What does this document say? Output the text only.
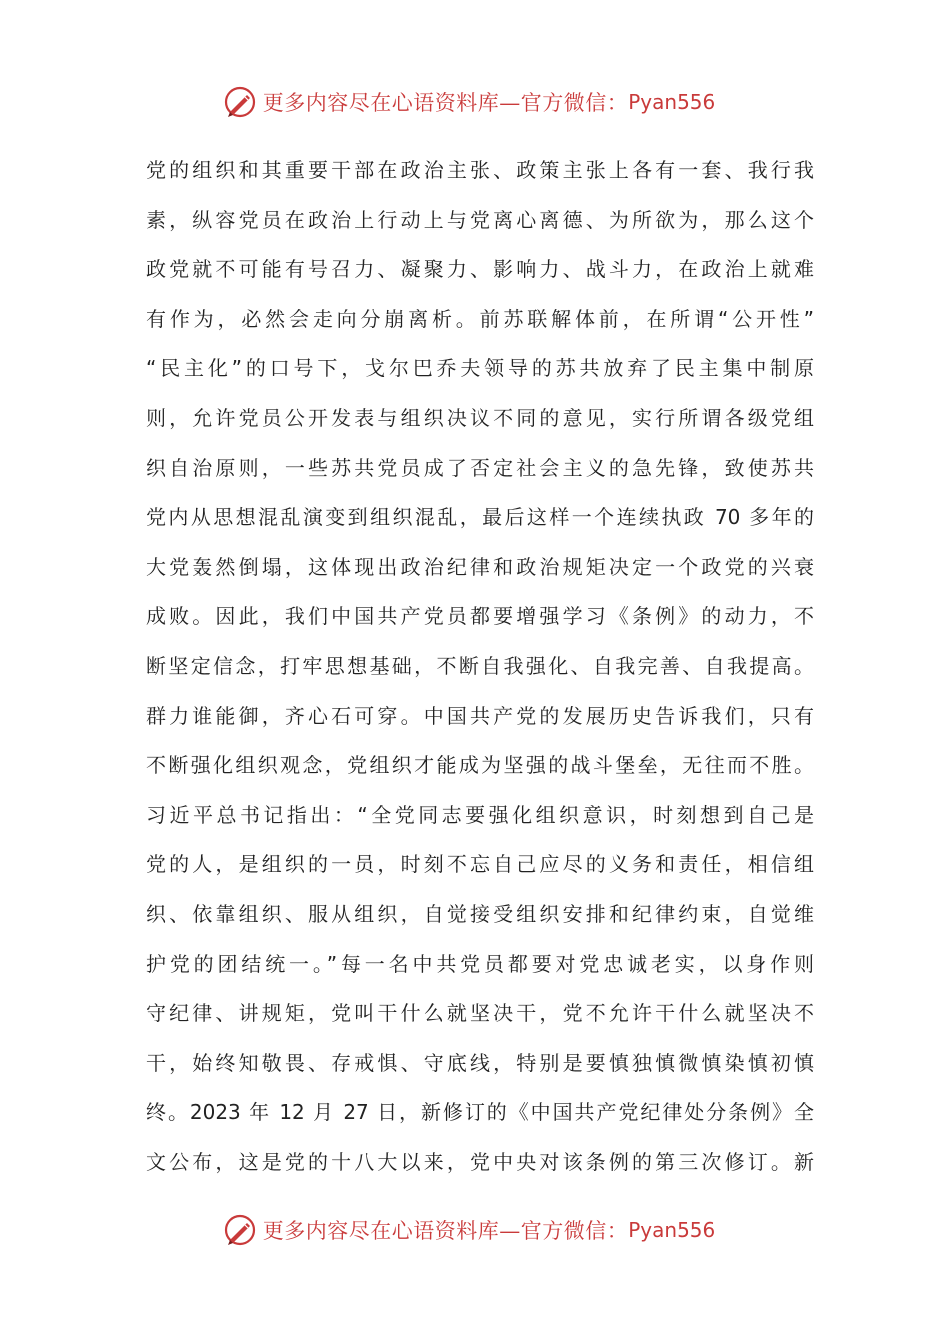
更多内容尽在心语资料库—官方微信： Pyan556
党的组织和其重要干部在政治主张、政策主张上各有一套、我行我
素，纵容党员在政治上行动上与党离心离德、为所欲为，那么这个
政党就不可能有号召力、凝聚力、影响力、战斗力，在政治上就难
有作为，必然会走向分崩离析。前苏联解体前，在所谓“公开性”
“民主化”的口号下，戈尔巴乔夫领导的苏共放弃了民主集中制原
则，允许党员公开发表与组织决议不同的意见，实行所谓各级党组
织自治原则，一些苏共党员成了否定社会主义的急先锋，致使苏共
党内从思想混乱演变到组织混乱，最后这样一个连续执政 70 多年的
大党轰然倒塌，这体现出政治纪律和政治规矩决定一个政党的兴衰
成败。因此，我们中国共产党员都要增强学习《条例》的动力，不
断坚定信念，打牢思想基础，不断自我强化、自我完善、自我提高。
群力谁能御，齐心石可穿。中国共产党的发展历史告诉我们，只有
不断强化组织观念，党组织才能成为坚强的战斗堡垒，无往而不胜。
习近平总书记指出：“全党同志要强化组织意识，时刻想到自己是
党的人，是组织的一员，时刻不忘自己应尽的义务和责任，相信组
织、依靠组织、服从组织，自觉接受组织安排和纪律约束，自觉维
护党的团结统一。”每一名中共党员都要对党忠诚老实，以身作则
守纪律、讲规矩，党叫干什么就坚决干，党不允许干什么就坚决不
干，始终知敬畏、存戒惧、守底线，特别是要慎独慎微慎染慎初慎
终。2023 年 12 月 27 日，新修订的《中国共产党纪律处分条例》全
文公布，这是党的十八大以来，党中央对该条例的第三次修订。新
更多内容尽在心语资料库—官方微信： Pyan556
